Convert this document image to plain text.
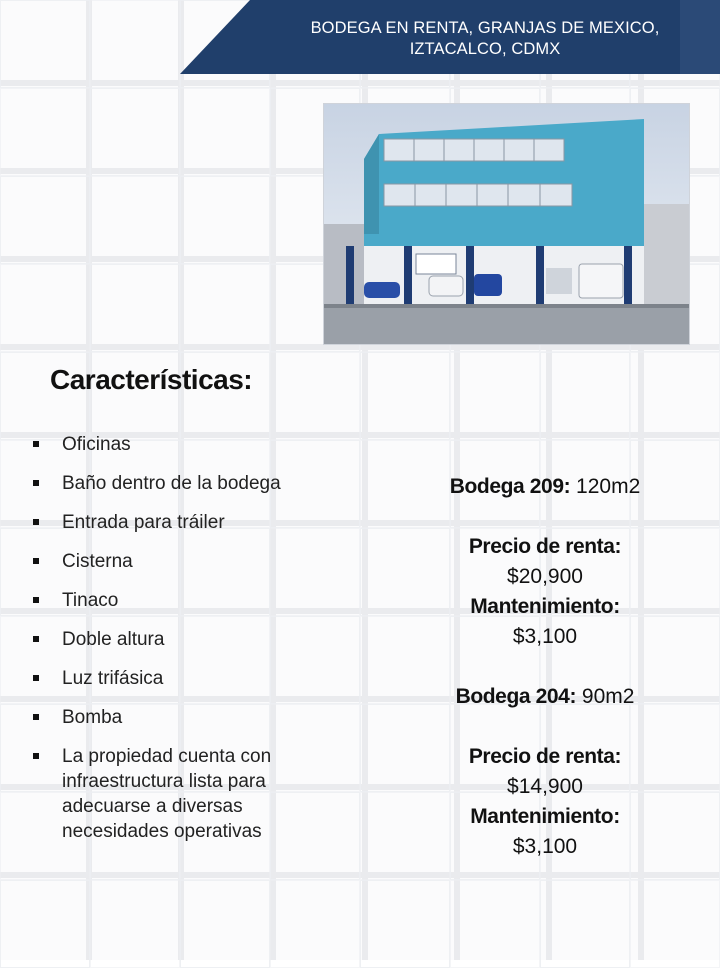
BODEGA EN RENTA, GRANJAS DE MEXICO,
IZTACALCO, CDMX
Características:
Oficinas
Baño dentro de la bodega
Entrada para tráiler
Cisterna
Tinaco
Doble altura
Luz trifásica
Bomba
La propiedad cuenta con infraestructura lista para adecuarse a diversas necesidades operativas
Bodega 209: 120m2
Precio de renta:
$20,900
Mantenimiento:
$3,100
Bodega 204: 90m2
Precio de renta:
$14,900
Mantenimiento:
$3,100
